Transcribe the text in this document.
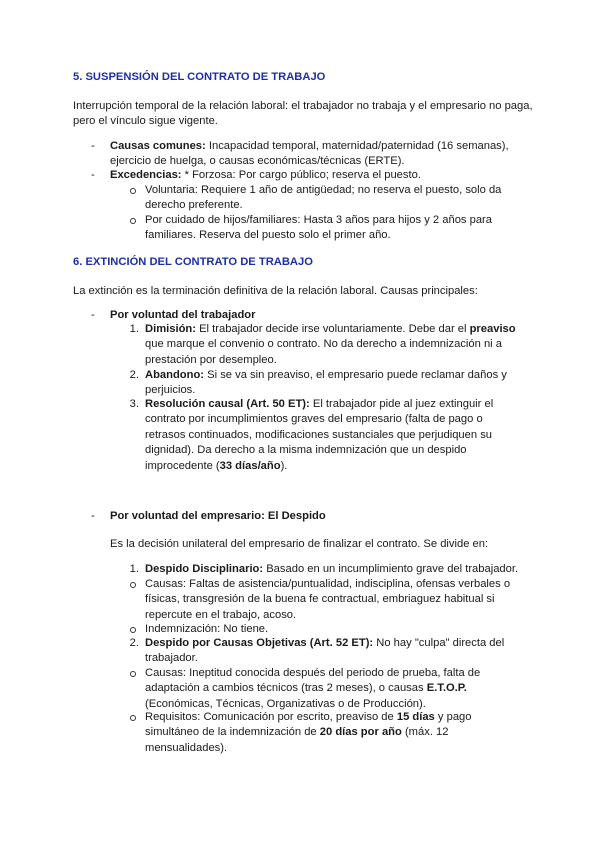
5. SUSPENSIÓN DEL CONTRATO DE TRABAJO
Interrupción temporal de la relación laboral: el trabajador no trabaja y el empresario no paga, pero el vínculo sigue vigente.
- Causas comunes: Incapacidad temporal, maternidad/paternidad (16 semanas), ejercicio de huelga, o causas económicas/técnicas (ERTE).
- Excedencias: * Forzosa: Por cargo público; reserva el puesto.
Voluntaria: Requiere 1 año de antigüedad; no reserva el puesto, solo da derecho preferente.
Por cuidado de hijos/familiares: Hasta 3 años para hijos y 2 años para familiares. Reserva del puesto solo el primer año.
6. EXTINCIÓN DEL CONTRATO DE TRABAJO
La extinción es la terminación definitiva de la relación laboral. Causas principales:
- Por voluntad del trabajador
1. Dimisión: El trabajador decide irse voluntariamente. Debe dar el preaviso que marque el convenio o contrato. No da derecho a indemnización ni a prestación por desempleo.
2. Abandono: Si se va sin preaviso, el empresario puede reclamar daños y perjuicios.
3. Resolución causal (Art. 50 ET): El trabajador pide al juez extinguir el contrato por incumplimientos graves del empresario (falta de pago o retrasos continuados, modificaciones sustanciales que perjudiquen su dignidad). Da derecho a la misma indemnización que un despido improcedente (33 días/año).
- Por voluntad del empresario: El Despido
Es la decisión unilateral del empresario de finalizar el contrato. Se divide en:
1. Despido Disciplinario: Basado en un incumplimiento grave del trabajador.
Causas: Faltas de asistencia/puntualidad, indisciplina, ofensas verbales o físicas, transgresión de la buena fe contractual, embriaguez habitual si repercute en el trabajo, acoso.
Indemnización: No tiene.
2. Despido por Causas Objetivas (Art. 52 ET): No hay "culpa" directa del trabajador.
Causas: Ineptitud conocida después del periodo de prueba, falta de adaptación a cambios técnicos (tras 2 meses), o causas E.T.O.P. (Económicas, Técnicas, Organizativas o de Producción).
Requisitos: Comunicación por escrito, preaviso de 15 días y pago simultáneo de la indemnización de 20 días por año (máx. 12 mensualidades).
